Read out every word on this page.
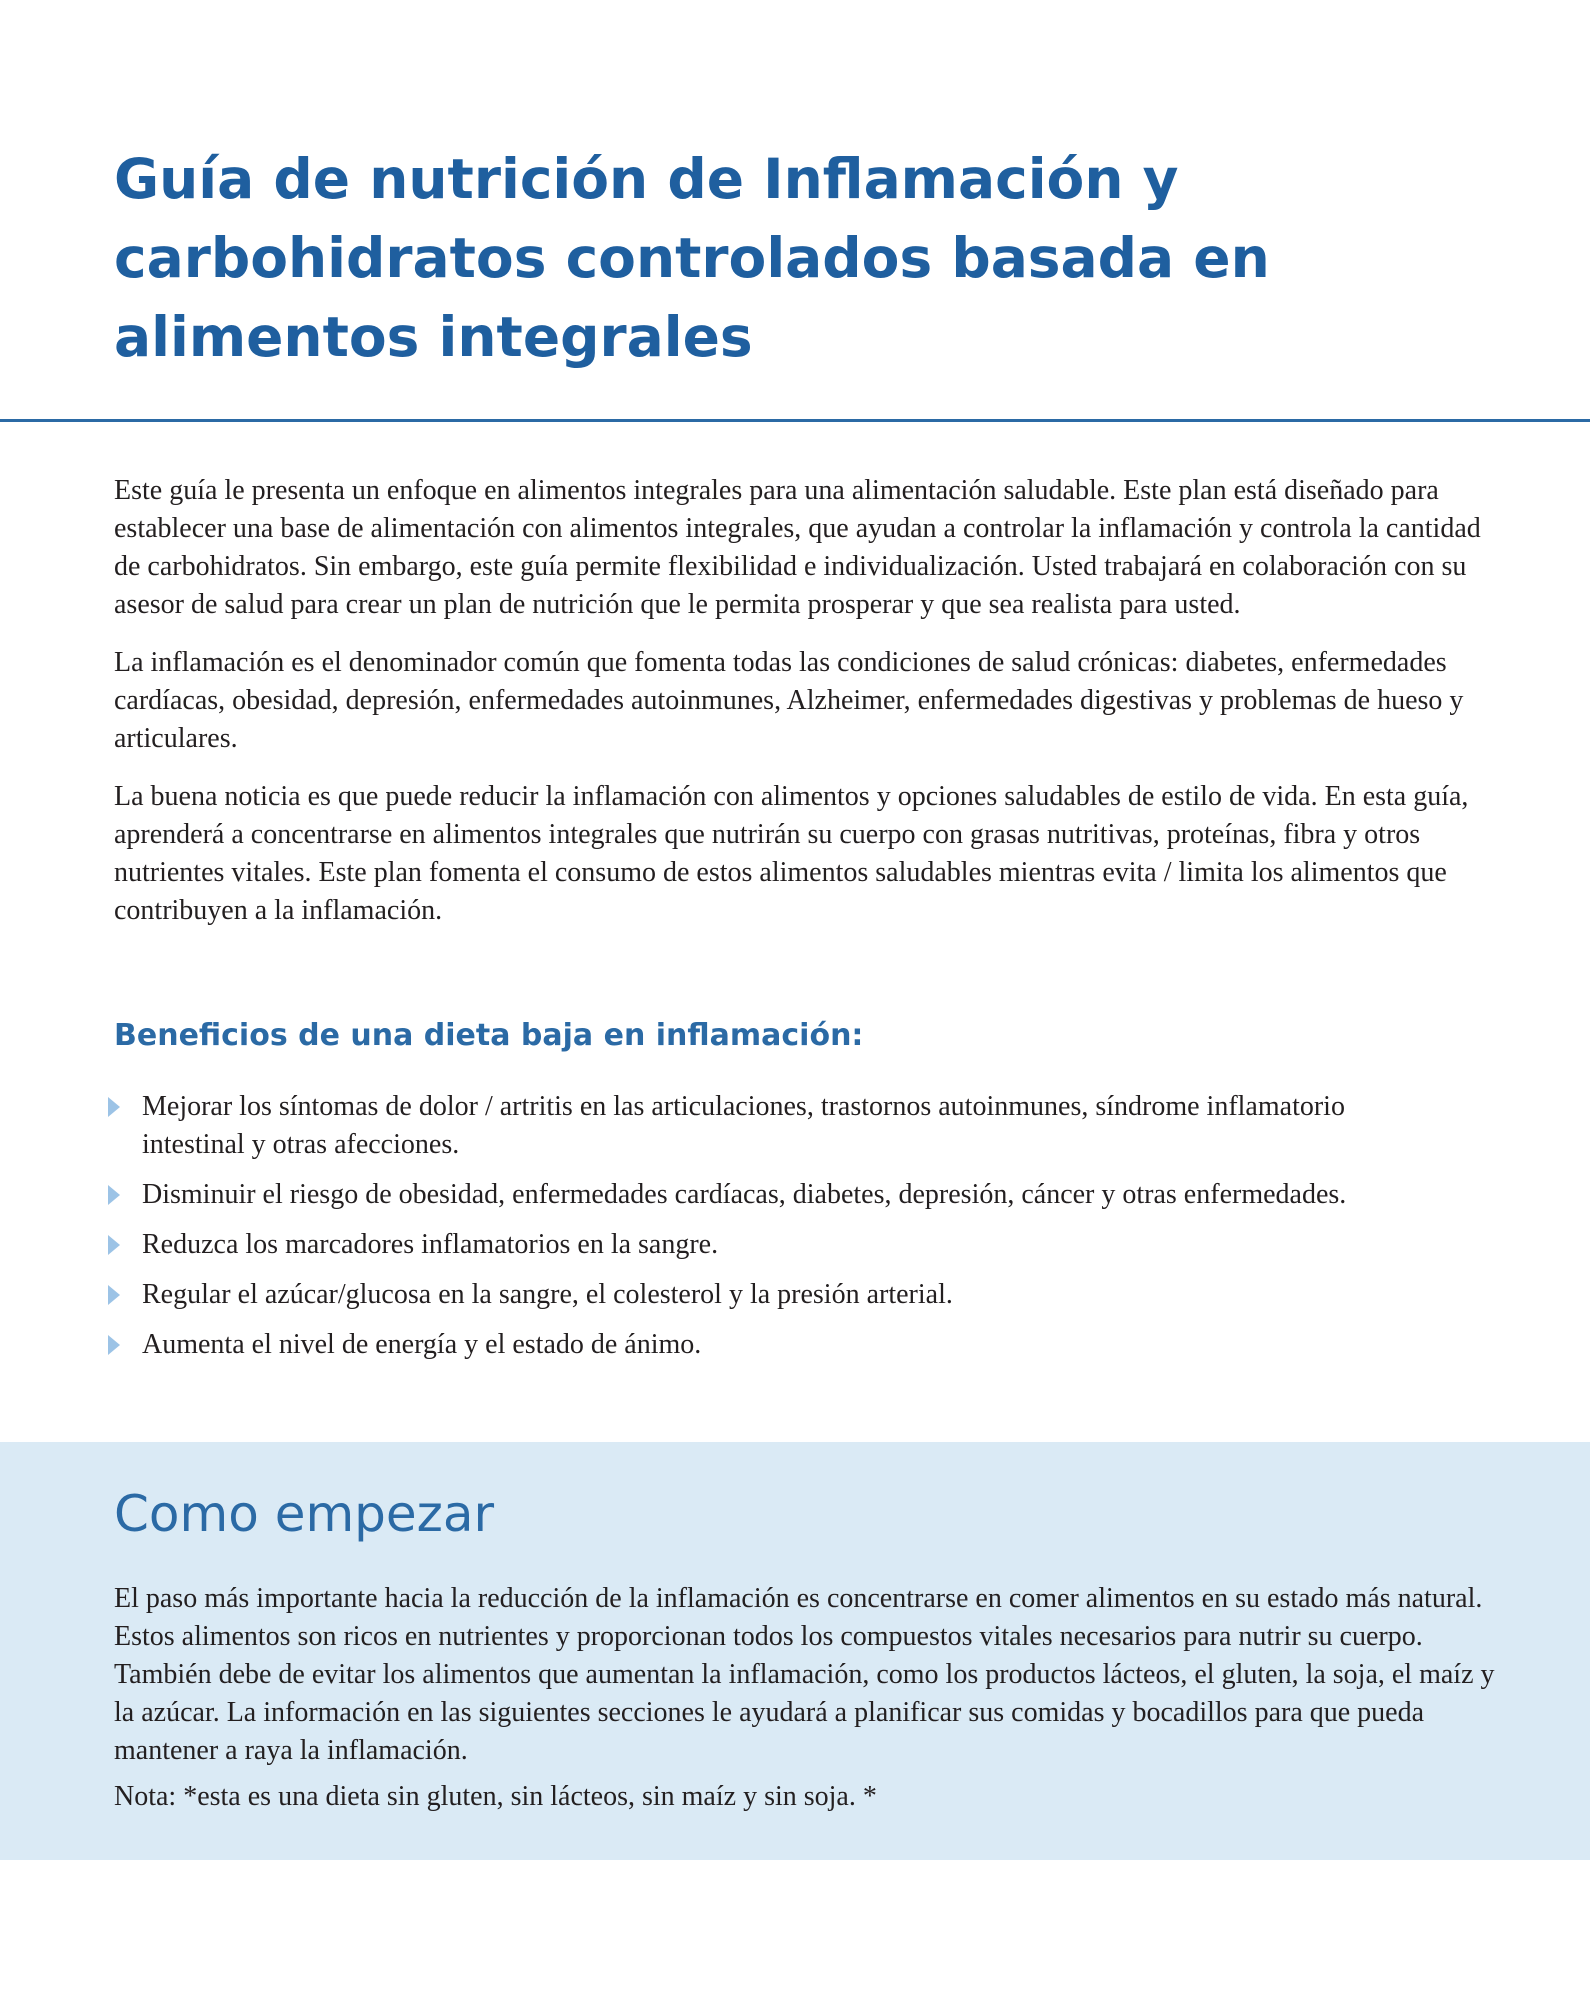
Guía de nutrición de Inflamación y carbohidratos controlados basada en alimentos integrales

Este guía le presenta un enfoque en alimentos integrales para una alimentación saludable. Este plan está diseñado para establecer una base de alimentación con alimentos integrales, que ayudan a controlar la inflamación y controla la cantidad de carbohidratos. Sin embargo, este guía permite flexibilidad e individualización. Usted trabajará en colaboración con su asesor de salud para crear un plan de nutrición que le permita prosperar y que sea realista para usted.

La inflamación es el denominador común que fomenta todas las condiciones de salud crónicas: diabetes, enfermedades cardíacas, obesidad, depresión, enfermedades autoinmunes, Alzheimer, enfermedades digestivas y problemas de hueso y articulares.

La buena noticia es que puede reducir la inflamación con alimentos y opciones saludables de estilo de vida. En esta guía, aprenderá a concentrarse en alimentos integrales que nutrirán su cuerpo con grasas nutritivas, proteínas, fibra y otros nutrientes vitales. Este plan fomenta el consumo de estos alimentos saludables mientras evita / limita los alimentos que contribuyen a la inflamación.

Beneficios de una dieta baja en inflamación:
Mejorar los síntomas de dolor / artritis en las articulaciones, trastornos autoinmunes, síndrome inflamatorio intestinal y otras afecciones.
Disminuir el riesgo de obesidad, enfermedades cardíacas, diabetes, depresión, cáncer y otras enfermedades.
Reduzca los marcadores inflamatorios en la sangre.
Regular el azúcar/glucosa en la sangre, el colesterol y la presión arterial.
Aumenta el nivel de energía y el estado de ánimo.
Como empezar

El paso más importante hacia la reducción de la inflamación es concentrarse en comer alimentos en su estado más natural. Estos alimentos son ricos en nutrientes y proporcionan todos los compuestos vitales necesarios para nutrir su cuerpo. También debe de evitar los alimentos que aumentan la inflamación, como los productos lácteos, el gluten, la soja, el maíz y la azúcar. La información en las siguientes secciones le ayudará a planificar sus comidas y bocadillos para que pueda mantener a raya la inflamación.

Nota: *esta es una dieta sin gluten, sin lácteos, sin maíz y sin soja. *
